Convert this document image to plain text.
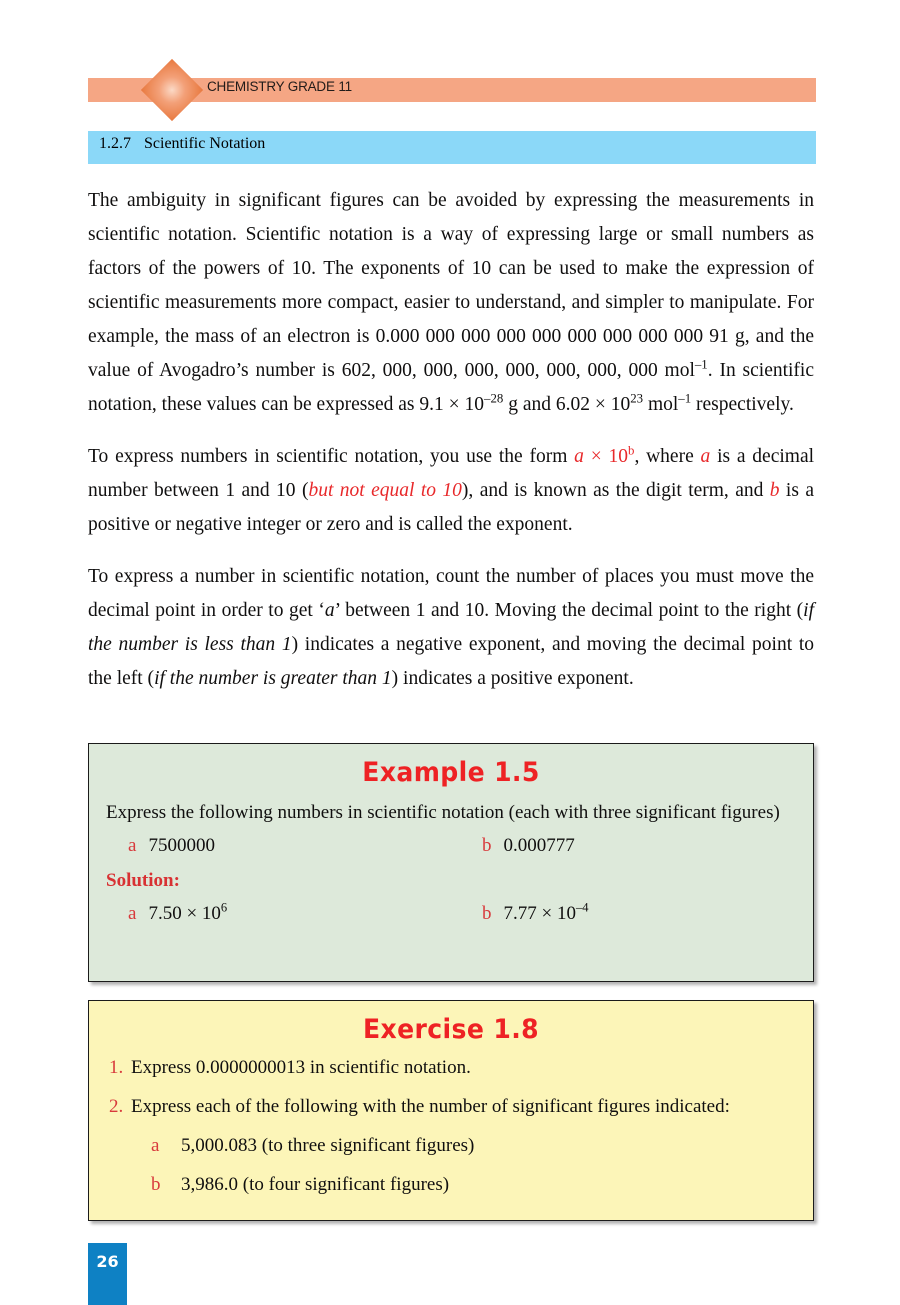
CHEMISTRY GRADE 11
1.2.7 Scientific Notation

The ambiguity in significant figures can be avoided by expressing the measurements in scientific notation. Scientific notation is a way of expressing large or small numbers as factors of the powers of 10. The exponents of 10 can be used to make the expression of scientific measurements more compact, easier to understand, and simpler to manipulate. For example, the mass of an electron is 0.000 000 000 000 000 000 000 000 000 91 g, and the value of Avogadro’s number is 602, 000, 000, 000, 000, 000, 000, 000 mol$^{-1}$. In scientific notation, these values can be expressed as $9.1 \times 10^{-28}$ g and $6.02 \times 10^{23}$ mol$^{-1}$ respectively.

To express numbers in scientific notation, you use the form $a \times 10^b$, where a is a decimal number between 1 and 10 (but not equal to 10), and is known as the digit term, and b is a positive or negative integer or zero and is called the exponent.

To express a number in scientific notation, count the number of places you must move the decimal point in order to get ‘a’ between 1 and 10. Moving the decimal point to the right (if the number is less than 1) indicates a negative exponent, and moving the decimal point to the left (if the number is greater than 1) indicates a positive exponent.

Example 1.5
Express the following numbers in scientific notation (each with three significant figures)
a 7500000	b 0.000777
Solution:
a $7.50 \times 10^6$	b $7.77 \times 10^{-4}$
Exercise 1.8
1. Express 0.0000000013 in scientific notation.
2. Express each of the following with the number of significant figures indicated:
a	5,000.083 (to three significant figures)
b	3,986.0 (to four significant figures)
26
